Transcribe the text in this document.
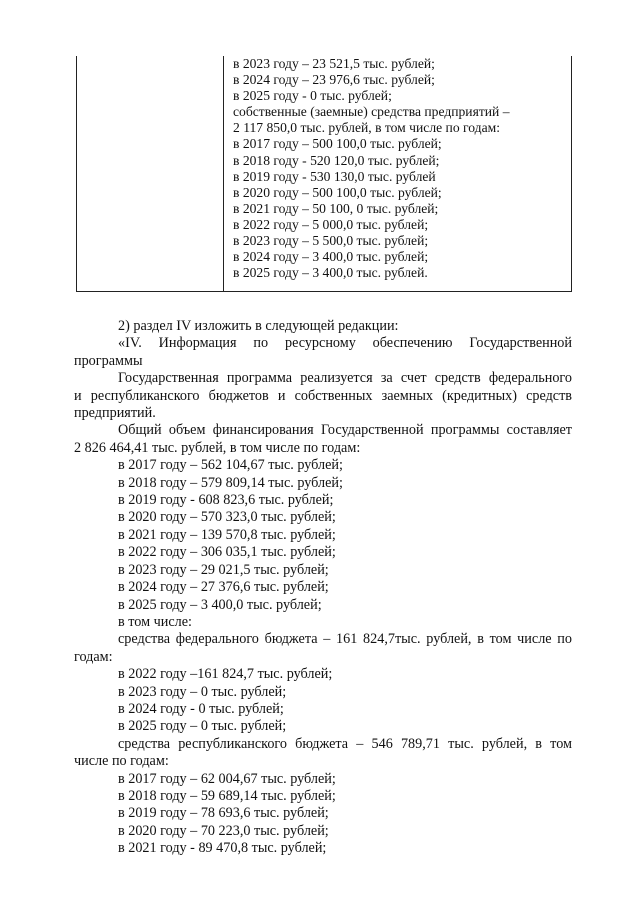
в 2023 году – 23 521,5 тыс. рублей;
в 2024 году – 23 976,6 тыс. рублей;
в 2025 году - 0 тыс. рублей;
собственные (заемные) средства предприятий –
2 117 850,0 тыс. рублей, в том числе по годам:
в 2017 году – 500 100,0 тыс. рублей;
в 2018 году - 520 120,0 тыс. рублей;
в 2019 году - 530 130,0 тыс. рублей
в 2020 году – 500 100,0 тыс. рублей;
в 2021 году – 50 100, 0 тыс. рублей;
в 2022 году – 5 000,0 тыс. рублей;
в 2023 году – 5 500,0 тыс. рублей;
в 2024 году – 3 400,0 тыс. рублей;
в 2025 году – 3 400,0 тыс. рублей.
2) раздел IV изложить в следующей редакции:
«IV. Информация по ресурсному обеспечению Государственной
программы
Государственная программа реализуется за счет средств федерального
и республиканского бюджетов и собственных заемных (кредитных) средств
предприятий.
Общий объем финансирования Государственной программы составляет
2 826 464,41 тыс. рублей, в том числе по годам:
в 2017 году – 562 104,67 тыс. рублей;
в 2018 году – 579 809,14 тыс. рублей;
в 2019 году - 608 823,6 тыс. рублей;
в 2020 году – 570 323,0 тыс. рублей;
в 2021 году – 139 570,8 тыс. рублей;
в 2022 году – 306 035,1 тыс. рублей;
в 2023 году – 29 021,5 тыс. рублей;
в 2024 году – 27 376,6 тыс. рублей;
в 2025 году – 3 400,0 тыс. рублей;
в том числе:
средства федерального бюджета – 161 824,7тыс. рублей, в том числе по
годам:
в 2022 году –161 824,7 тыс. рублей;
в 2023 году – 0 тыс. рублей;
в 2024 году - 0 тыс. рублей;
в 2025 году – 0 тыс. рублей;
средства республиканского бюджета – 546 789,71 тыс. рублей, в том
числе по годам:
в 2017 году – 62 004,67 тыс. рублей;
в 2018 году – 59 689,14 тыс. рублей;
в 2019 году – 78 693,6 тыс. рублей;
в 2020 году – 70 223,0 тыс. рублей;
в 2021 году - 89 470,8 тыс. рублей;
